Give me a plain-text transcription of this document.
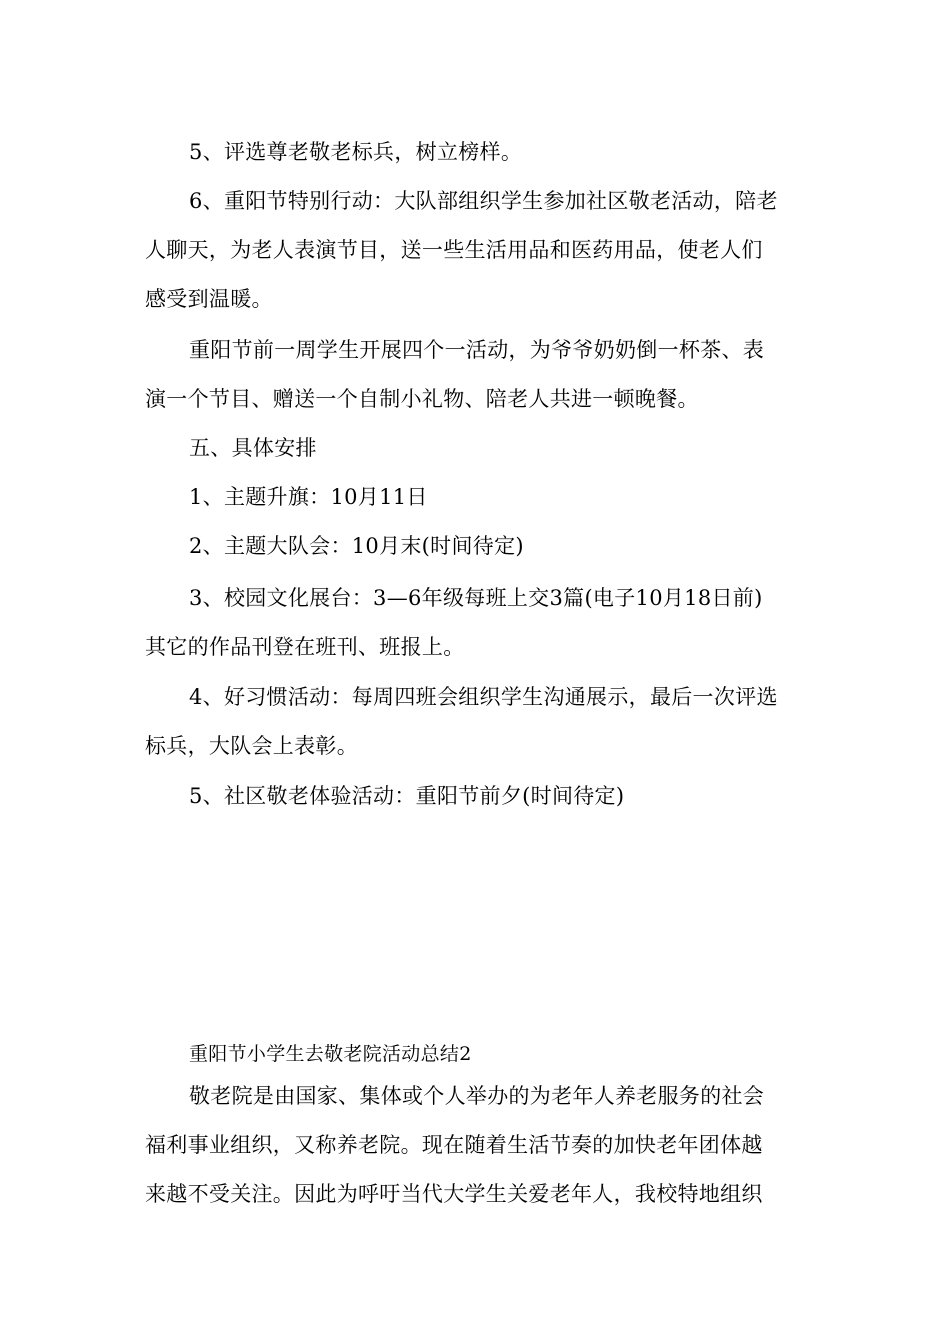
5、评选尊老敬老标兵，树立榜样。

6、重阳节特别行动：大队部组织学生参加社区敬老活动，陪老
人聊天，为老人表演节目，送一些生活用品和医药用品，使老人们
感受到温暖。
重阳节前一周学生开展四个一活动，为爷爷奶奶倒一杯茶、表
演一个节目、赠送一个自制小礼物、陪老人共进一顿晚餐。

五、具体安排

1、主题升旗：10月11日

2、主题大队会：10月末(时间待定)

3、校园文化展台：3—6年级每班上交3篇(电子10月18日前)
其它的作品刊登在班刊、班报上。
4、好习惯活动：每周四班会组织学生沟通展示，最后一次评选
标兵，大队会上表彰。

5、社区敬老体验活动：重阳节前夕(时间待定)

重阳节小学生去敬老院活动总结2

敬老院是由国家、集体或个人举办的为老年人养老服务的社会
福利事业组织，又称养老院。现在随着生活节奏的加快老年团体越
来越不受关注。因此为呼吁当代大学生关爱老年人，我校特地组织
